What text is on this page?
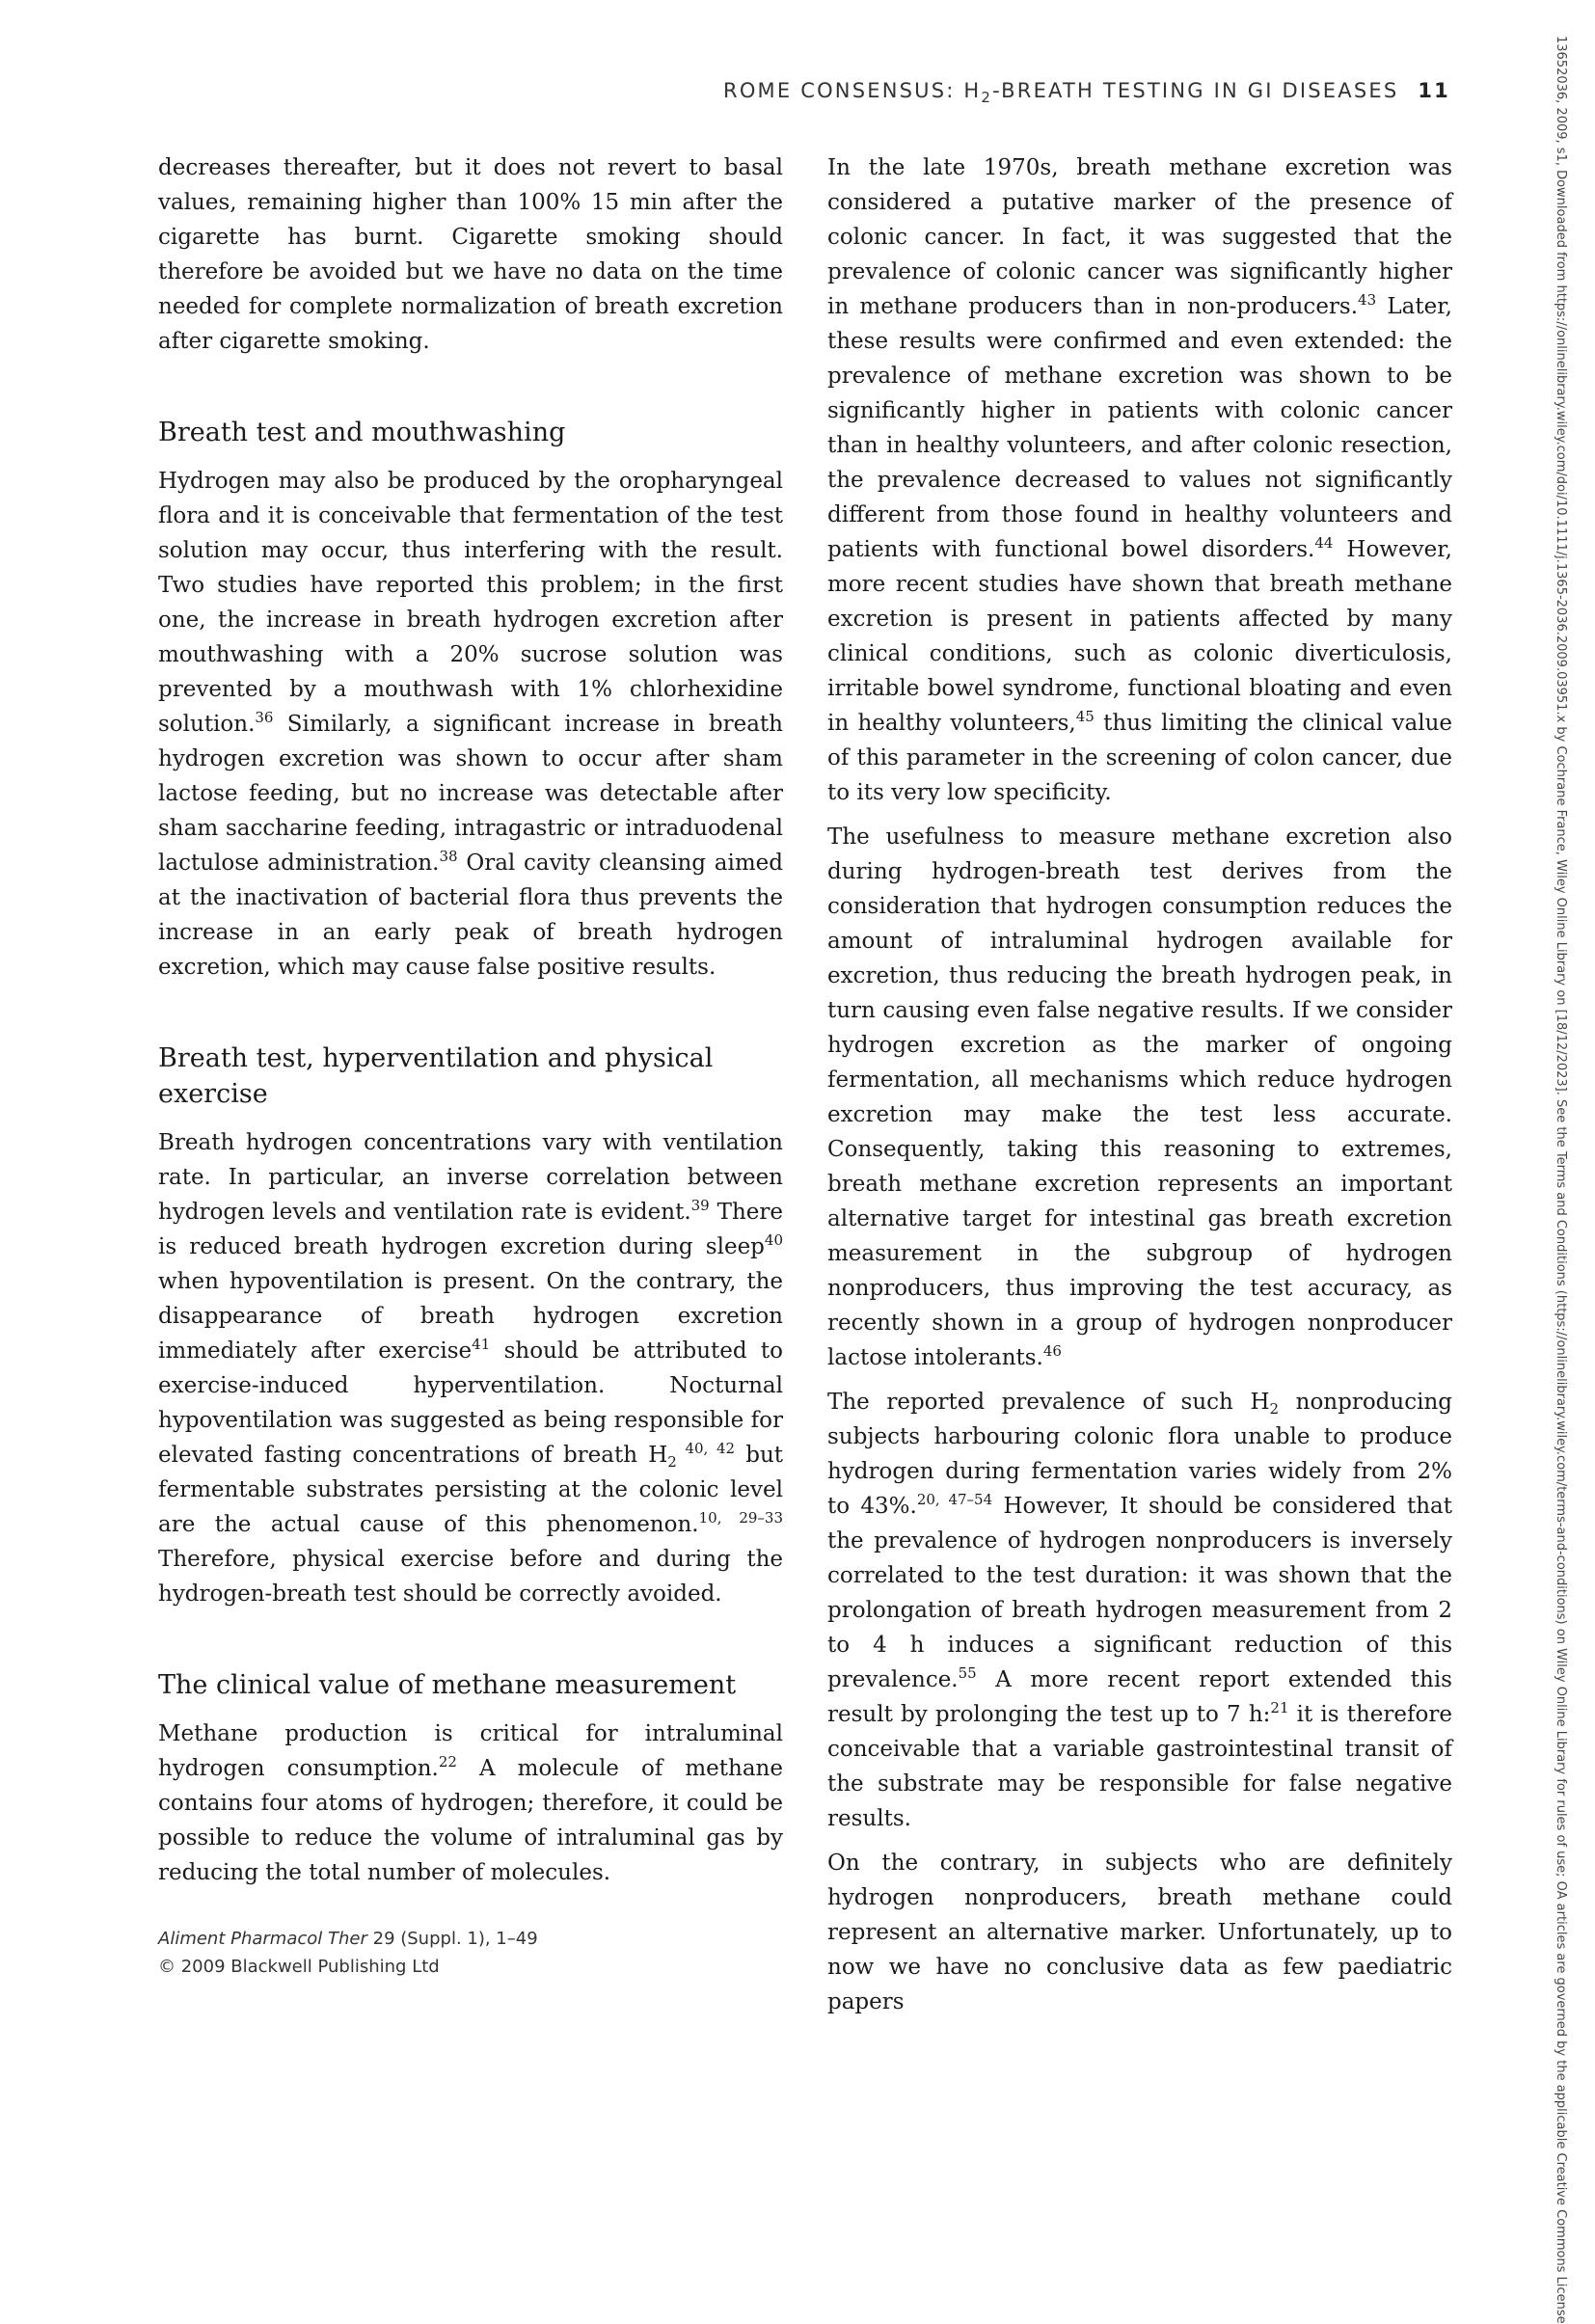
ROME CONSENSUS: $H_2$-BREATH TESTING IN GI DISEASES 11

decreases thereafter, but it does not revert to basal values, remaining higher than 100% 15 min after the cigarette has burnt. Cigarette smoking should therefore be avoided but we have no data on the time needed for complete normalization of breath excretion after cigarette smoking.

Breath test and mouthwashing

Hydrogen may also be produced by the oropharyngeal flora and it is conceivable that fermentation of the test solution may occur, thus interfering with the result. Two studies have reported this problem; in the first one, the increase in breath hydrogen excretion after mouthwashing with a 20% sucrose solution was prevented by a mouthwash with 1% chlorhexidine solution.$^{36}$ Similarly, a significant increase in breath hydrogen excretion was shown to occur after sham lactose feeding, but no increase was detectable after sham saccharine feeding, intragastric or intraduodenal lactulose administration.$^{38}$ Oral cavity cleansing aimed at the inactivation of bacterial flora thus prevents the increase in an early peak of breath hydrogen excretion, which may cause false positive results.

Breath test, hyperventilation and physical exercise

Breath hydrogen concentrations vary with ventilation rate. In particular, an inverse correlation between hydrogen levels and ventilation rate is evident.$^{39}$ There is reduced breath hydrogen excretion during sleep$^{40}$ when hypoventilation is present. On the contrary, the disappearance of breath hydrogen excretion immediately after exercise$^{41}$ should be attributed to exercise-induced hyperventilation. Nocturnal hypoventilation was suggested as being responsible for elevated fasting concentrations of breath $H_2$ $^{40, 42}$ but fermentable substrates persisting at the colonic level are the actual cause of this phenomenon.$^{10, 29-33}$ Therefore, physical exercise before and during the hydrogen-breath test should be correctly avoided.

The clinical value of methane measurement

Methane production is critical for intraluminal hydrogen consumption.$^{22}$ A molecule of methane contains four atoms of hydrogen; therefore, it could be possible to reduce the volume of intraluminal gas by reducing the total number of molecules.

In the late 1970s, breath methane excretion was considered a putative marker of the presence of colonic cancer. In fact, it was suggested that the prevalence of colonic cancer was significantly higher in methane producers than in non-producers.$^{43}$ Later, these results were confirmed and even extended: the prevalence of methane excretion was shown to be significantly higher in patients with colonic cancer than in healthy volunteers, and after colonic resection, the prevalence decreased to values not significantly different from those found in healthy volunteers and patients with functional bowel disorders.$^{44}$ However, more recent studies have shown that breath methane excretion is present in patients affected by many clinical conditions, such as colonic diverticulosis, irritable bowel syndrome, functional bloating and even in healthy volunteers,$^{45}$ thus limiting the clinical value of this parameter in the screening of colon cancer, due to its very low specificity.

The usefulness to measure methane excretion also during hydrogen-breath test derives from the consideration that hydrogen consumption reduces the amount of intraluminal hydrogen available for excretion, thus reducing the breath hydrogen peak, in turn causing even false negative results. If we consider hydrogen excretion as the marker of ongoing fermentation, all mechanisms which reduce hydrogen excretion may make the test less accurate. Consequently, taking this reasoning to extremes, breath methane excretion represents an important alternative target for intestinal gas breath excretion measurement in the subgroup of hydrogen nonproducers, thus improving the test accuracy, as recently shown in a group of hydrogen nonproducer lactose intolerants.$^{46}$

The reported prevalence of such $H_2$ nonproducing subjects harbouring colonic flora unable to produce hydrogen during fermentation varies widely from 2% to 43%.$^{20, 47-54}$ However, It should be considered that the prevalence of hydrogen nonproducers is inversely correlated to the test duration: it was shown that the prolongation of breath hydrogen measurement from 2 to 4 h induces a significant reduction of this prevalence.$^{55}$ A more recent report extended this result by prolonging the test up to 7 h:$^{21}$ it is therefore conceivable that a variable gastrointestinal transit of the substrate may be responsible for false negative results.

On the contrary, in subjects who are definitely hydrogen nonproducers, breath methane could represent an alternative marker. Unfortunately, up to now we have no conclusive data as few paediatric papers

Aliment Pharmacol Ther 29 (Suppl. 1), 1–49
© 2009 Blackwell Publishing Ltd	13652036, 2009, s1, Downloaded from https://onlinelibrary.wiley.com/doi/10.1111/j.1365-2036.2009.03951.x by Cochrane France, Wiley Online Library on [18/12/2023]. See the Terms and Conditions (https://onlinelibrary.wiley.com/terms-and-conditions) on Wiley Online Library for rules of use; OA articles are governed by the applicable Creative Commons License
